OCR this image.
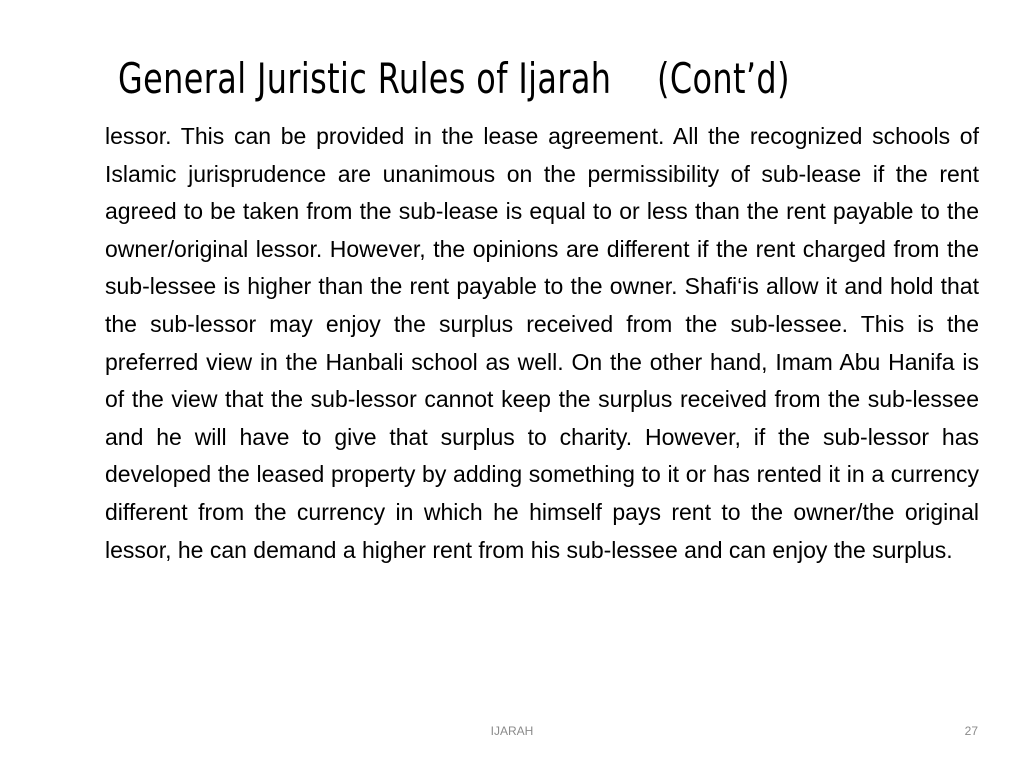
General Juristic Rules of Ijarah (Cont’d)

lessor. This can be provided in the lease agreement. All the recognized schools of Islamic jurisprudence are unanimous on the permissibility of sub-lease if the rent agreed to be taken from the sub-lease is equal to or less than the rent payable to the owner/original lessor. However, the opinions are different if the rent charged from the sub-lessee is higher than the rent payable to the owner. Shafi‘is allow it and hold that the sub-lessor may enjoy the surplus received from the sub-lessee. This is the preferred view in the Hanbali school as well. On the other hand, Imam Abu Hanifa is of the view that the sub-lessor cannot keep the surplus received from the sub-lessee and he will have to give that surplus to charity. However, if the sub-lessor has developed the leased property by adding something to it or has rented it in a currency different from the currency in which he himself pays rent to the owner/the original lessor, he can demand a higher rent from his sub-lessee and can enjoy the surplus.

IJARAH	27
